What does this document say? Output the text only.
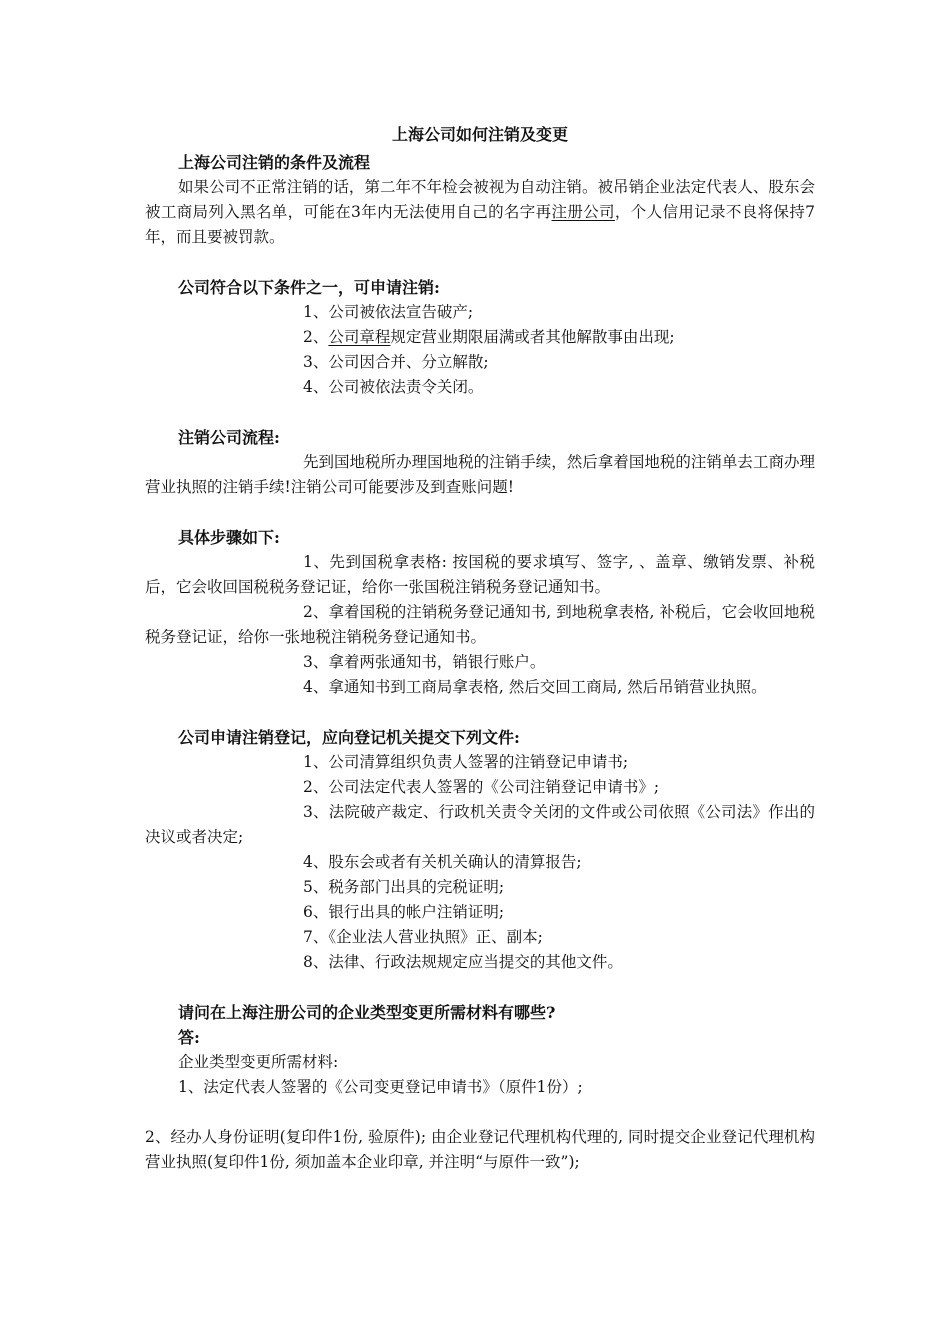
上海公司如何注销及变更
上海公司注销的条件及流程
如果公司不正常注销的话，第二年不年检会被视为自动注销。被吊销企业法定代表人、股东会被工商局列入黑名单，可能在3年内无法使用自己的名字再注册公司，个人信用记录不良将保持7年，而且要被罚款。
公司符合以下条件之一，可申请注销:
1、公司被依法宣告破产;
2、公司章程规定营业期限届满或者其他解散事由出现;
3、公司因合并、分立解散;
4、公司被依法责令关闭。
注销公司流程:
先到国地税所办理国地税的注销手续，然后拿着国地税的注销单去工商办理营业执照的注销手续!注销公司可能要涉及到查账问题!
具体步骤如下:
1、先到国税拿表格: 按国税的要求填写、签字, 、盖章、缴销发票、补税后，它会收回国税税务登记证，给你一张国税注销税务登记通知书。
2、拿着国税的注销税务登记通知书, 到地税拿表格, 补税后，它会收回地税税务登记证，给你一张地税注销税务登记通知书。
3、拿着两张通知书，销银行账户。
4、拿通知书到工商局拿表格, 然后交回工商局, 然后吊销营业执照。
公司申请注销登记，应向登记机关提交下列文件:
1、公司清算组织负责人签署的注销登记申请书;
2、公司法定代表人签署的《公司注销登记申请书》;
3、法院破产裁定、行政机关责令关闭的文件或公司依照《公司法》作出的决议或者决定;
4、股东会或者有关机关确认的清算报告;
5、税务部门出具的完税证明;
6、银行出具的帐户注销证明;
7、《企业法人营业执照》正、副本;
8、法律、行政法规规定应当提交的其他文件。
请问在上海注册公司的企业类型变更所需材料有哪些?
答:
企业类型变更所需材料:
1、法定代表人签署的《公司变更登记申请书》（原件1份）;
2、经办人身份证明(复印件1份, 验原件); 由企业登记代理机构代理的, 同时提交企业登记代理机构营业执照(复印件1份, 须加盖本企业印章, 并注明“与原件一致”);
